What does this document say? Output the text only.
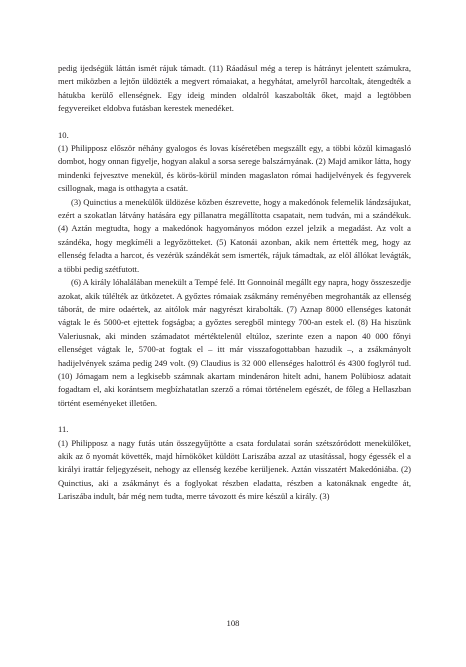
pedig ijedségük láttán ismét rájuk támadt. (11) Ráadásul még a terep is hátrányt jelentett számukra, mert miközben a lejtőn üldözték a megvert rómaiakat, a hegyhátat, amelyről harcoltak, átengedték a hátukba kerülő ellenségnek. Egy ideig minden oldalról kaszabolták őket, majd a legtöbben fegyvereiket eldobva futásban kerestek menedéket.

10.

(1) Philipposz először néhány gyalogos és lovas kíséretében megszállt egy, a többi közül kimagasló dombot, hogy onnan figyelje, hogyan alakul a sorsa serege balszárnyának. (2) Majd amikor látta, hogy mindenki fejvesztve menekül, és körös-körül minden magaslaton római hadijelvények és fegyverek csillognak, maga is otthagyta a csatát.

(3) Quinctius a menekülők üldözése közben észrevette, hogy a makedónok felemelik lándzsájukat, ezért a szokatlan látvány hatására egy pillanatra megállította csapatait, nem tudván, mi a szándékuk. (4) Aztán megtudta, hogy a makedónok hagyományos módon ezzel jelzik a megadást. Az volt a szándéka, hogy megkíméli a legyőzötteket. (5) Katonái azonban, akik nem értették meg, hogy az ellenség feladta a harcot, és vezérük szándékát sem ismerték, rájuk támadtak, az elöl állókat levágták, a többi pedig szétfutott.

(6) A király lóhalálában menekült a Tempé felé. Itt Gonnoinál megállt egy napra, hogy összeszedje azokat, akik túlélték az ütközetet. A győztes rómaiak zsákmány reményében megrohanták az ellenség táborát, de mire odaértek, az aitólok már nagyrészt kirabolták. (7) Aznap 8000 ellenséges katonát vágtak le és 5000-et ejtettek fogságba; a győztes seregből mintegy 700-an estek el. (8) Ha hiszünk Valeriusnak, aki minden számadatot mértéktelenül eltúloz, szerinte ezen a napon 40 000 főnyi ellenséget vágtak le, 5700-at fogtak el – itt már visszafogottabban hazudik –, a zsákmányolt hadijelvények száma pedig 249 volt. (9) Claudius is 32 000 ellenséges halottról és 4300 foglyról tud. (10) Jómagam nem a legkisebb számnak akartam mindenáron hitelt adni, hanem Polübiosz adatait fogadtam el, aki korántsem megbízhatatlan szerző a római történelem egészét, de főleg a Hellaszban történt eseményeket illetően.

11.

(1) Philipposz a nagy futás után összegyűjtötte a csata fordulatai során szétszóródott menekülőket, akik az ő nyomát követték, majd hírnököket küldött Lariszába azzal az utasítással, hogy égessék el a királyi irattár feljegyzéseit, nehogy az ellenség kezébe kerüljenek. Aztán visszatért Makedóniába. (2) Quinctius, aki a zsákmányt és a foglyokat részben eladatta, részben a katonáknak engedte át, Lariszába indult, bár még nem tudta, merre távozott és mire készül a király. (3)

108
